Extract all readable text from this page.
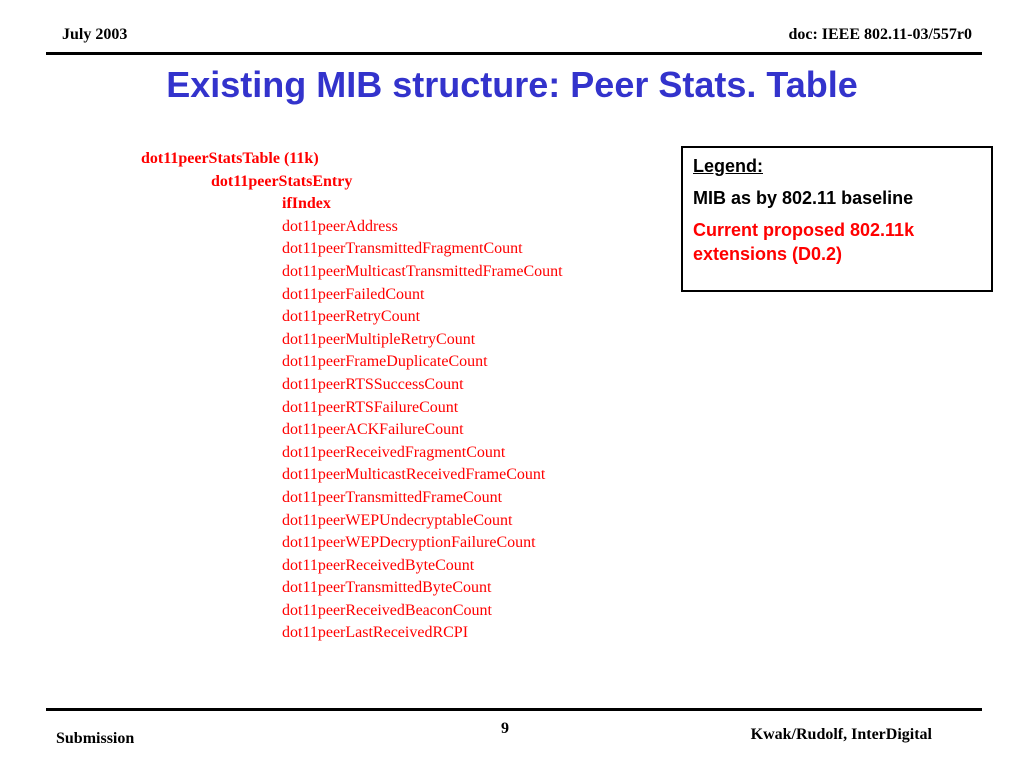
July 2003	doc: IEEE 802.11-03/557r0
Existing MIB structure: Peer Stats. Table
dot11peerStatsTable (11k)
dot11peerStatsEntry
ifIndex
dot11peerAddress
dot11peerTransmittedFragmentCount
dot11peerMulticastTransmittedFrameCount
dot11peerFailedCount
dot11peerRetryCount
dot11peerMultipleRetryCount
dot11peerFrameDuplicateCount
dot11peerRTSSuccessCount
dot11peerRTSFailureCount
dot11peerACKFailureCount
dot11peerReceivedFragmentCount
dot11peerMulticastReceivedFrameCount
dot11peerTransmittedFrameCount
dot11peerWEPUndecryptableCount
dot11peerWEPDecryptionFailureCount
dot11peerReceivedByteCount
dot11peerTransmittedByteCount
dot11peerReceivedBeaconCount
dot11peerLastReceivedRCPI
Legend:
MIB as by 802.11 baseline
Current proposed 802.11k extensions (D0.2)
Submission
9	Kwak/Rudolf, InterDigital
